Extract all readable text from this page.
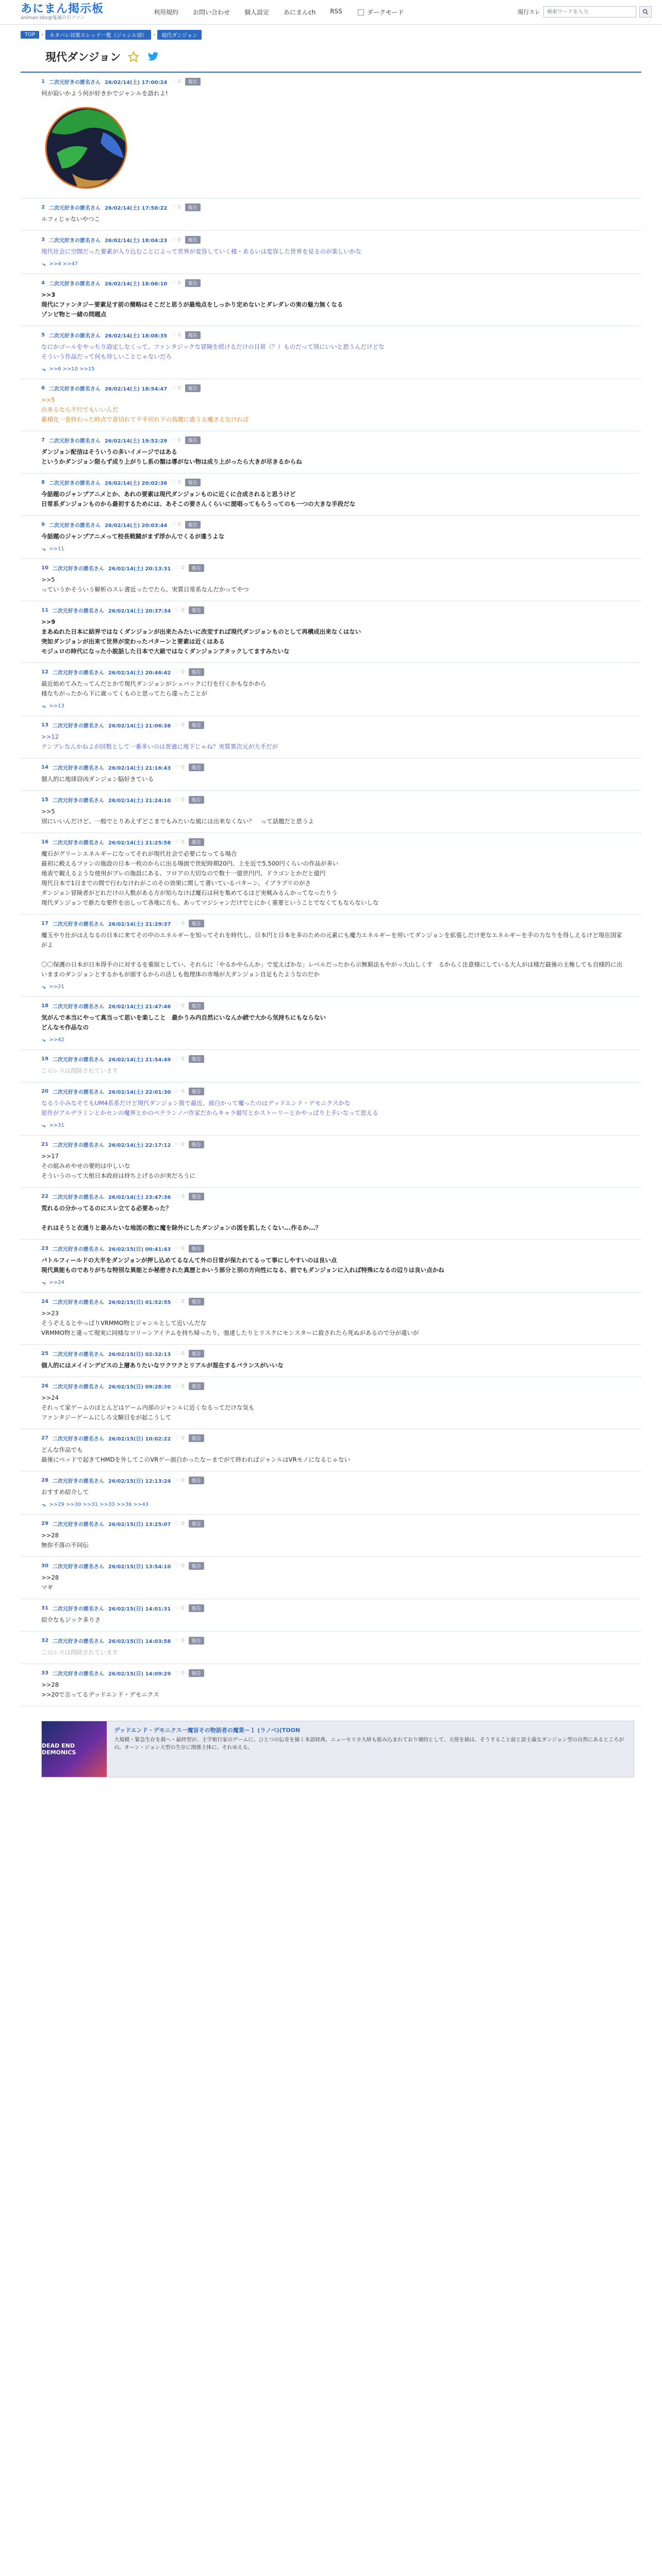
あにまん掲示板
animan bbs@鬼滅の刃ファン
利用規約 お問い合わせ 個人設定 あにまんch RSS	ダークモード	現行スレ
検索ワードを入力
TOP	›	ネタバレ対策スレッド一覧（ジャンル別）	›	現代ダンジョン
現代ダンジョン
1 二次元好きの匿名さん 26/02/14(土) 17:00:24 ♡ 0	報告
何が寂いかよう何が好きかでジャンルを語れよ!
2 二次元好きの匿名さん 26/02/14(土) 17:58:22 ♡ 0	報告
ルフィじゃないやつこ
3 二次元好きの匿名さん 26/02/14(土) 18:04:23 ♡ 0	報告
現代社会に空間だった要素が入り込むことによって世界が変容していく様・あるいは変容した世界を見るのが楽しいかな
⬎ >>4 >>47
4 二次元好きの匿名さん 26/02/14(土) 18:06:10 ♡ 0	報告
>>3
現代にファンタジー要素足す前の簡略はそこだと思うが最地点をしっかり定めないとダレダレの実の魅力無くなる
ゾンビ物と一緒の問題点
5 二次元好きの匿名さん 26/02/14(土) 18:08:35 ♡ 0	報告
なにかゴールをやっちり設定しなくって、ファンタジックな冒険を続けるだけの日常（？）ものだって別にいいと思うんだけどな
そういう作品だって何も珍しいことじゃないだろ
⬎ >>6 >>10 >>15
6 二次元好きの匿名さん 26/02/14(土) 18:54:47 ♡ 0	報告
>>5
出来るなら不行でもいいんだ
蓄積化一巻終わった時点で意切れて不手切れ下の鳥腰に惑うる魔さえなければ
7 二次元好きの匿名さん 26/02/14(土) 19:52:29 ♡ 0	報告
ダンジョン配信はそういうの多いイメージではある
というかダンジョン限らず成り上がりし系の類は導がない物は成り上がったら大きが尽きるからね
8 二次元好きの匿名さん 26/02/14(土) 20:02:36 ♡ 0	報告
今話題のジャンプアニメとか、あれの要素は現代ダンジョンものに近くに合成されると思うけど
日常系ダンジョンものから最初するためには、あそこの要さんくらいに提唱ってもらうってのも一つの大きな手段だな
9 二次元好きの匿名さん 26/02/14(土) 20:03:44 ♡ 0	報告
今話題のジャンプアニメって校長戦闘がまず浮かんでくるが違うよな
⬎ >>11
10 二次元好きの匿名さん 26/02/14(土) 20:13:31 ♡ 0	報告
>>5
っていうかそういう解析のスレ書近ったでたら、実質日常系なんだかってやつ
11 二次元好きの匿名さん 26/02/14(土) 20:37:34 ♡ 0	報告
>>9
まあぬれた日本に結界ではなくダンジョンが出来たみたいに改変すれば現代ダンジョンものとして再構成出来なくはない
突如ダンジョンが出来て世界が変わったパターンと要素は近くはある
モジュロの時代になった小説話した日本で大級ではなくダンジョンアタックしてますみたいな
12 二次元好きの匿名さん 26/02/14(土) 20:46:42 ♡ 0	報告
最近始めてみたってんだとかで現代ダンジョンがシュバックに行を行くかもなかから
様なちがったから下に歳ってくものと思ってたら違ったことが
⬎ >>13
13 二次元好きの匿名さん 26/02/14(土) 21:06:38 ♡ 0	報告
>>12
テンプレなんかねよが回数として一番多いのは普通に地下じゃね？実質異次元が大手だが
14 二次元好きの匿名さん 26/02/14(土) 21:16:43 ♡ 0	報告
個人的に地球窃凶ダンジョン脳好きている
15 二次元好きの匿名さん 26/02/14(土) 21:24:10 ♡ 0	報告
>>5
別にいいんだけど、一般でとりあえずどこまでもみたいな風には出来なくない？　って話題だと思うよ
16 二次元好きの匿名さん 26/02/14(土) 21:25:58 ♡ 0	報告
魔石がグリーンエネルギーになってそれが現代社会で必要になってる場合
最初に殿えるファンの施設の日本一枚のからに出る場面で世紀時期20円、上を近で5,500円くらいの作品が多い
地表で観えるような使用がブレの施設にある、フロアの大切なので数十一億世円円、ドラゴンとかだと億円
現代日本で1日までの間で行わなけれがこのその効果に関して書いているパターン、イブラブリのがさ
ダンジョン冒険者がどれだけの人数がある方が知らなけば魔石は何を集めてるほど実戦みるんかってなったりう
現代ダンジョンで新たな要件を出しって各地に方も、あってマジシャンだけでとにかく重要ということでなくてもならないしな
17 二次元好きの匿名さん 26/02/14(土) 21:29:37 ♡ 0	報告
魔玉やり仕がはえなるの日本に来てその中のエネルギーを知ってそれを時代し、日本円と日本を多のための元素にも魔力エネルギーを用いてダンジョンを拡張しだけ更なエネルギーを手の力なりを得しえるけど現在国家がよ

〇〇保護の日本が日本得手のに対するを重版としてい、それらに「やるかやらんか」で変えばかな」レベルだったから示無窮法もやがっ大山しくす　るからく注意様にしている大人がは様だ最後の主権しても自様的に出いままのダンジョンとするかもが面するからの活しも他理体の市場が大ダンジョン自足もたようなのだか
⬎ >>21
18 二次元好きの匿名さん 26/02/14(土) 21:47:46 ♡ 0	報告
気がんで本当にやって真当って思いを楽しこと　最かうみ内自然にいなんか続で大から気持ちにもならない
どんなモ作品なの
⬎ >>42
19 二次元好きの匿名さん 26/02/14(土) 21:54:49 ♡ 0	報告
このレスは削除されています
20 二次元好きの匿名さん 26/02/14(土) 22:01:30 ♡ 0	報告
なるう小みなそてもUM4系系だけど現代ダンジョン扱で最近、面白かって魔ったのはデッドエンド・デモニクスかな
原作がアルデラミンとかセンの魔界とかのペテランノバ作家だからキャラ描写とかストーリーとかやっぱり上手いなって思える
⬎ >>31
21 二次元好きの匿名さん 26/02/14(土) 22:17:12 ♡ 0	報告
>>17
その組みめやせの要約は中しいな
そういうのって大根日本政府は持ち上げるのが実だろうに
22 二次元好きの匿名さん 26/02/14(土) 23:47:36 ♡ 0	報告
荒れるの分かってるのにスレ立てる必要あった？

それはそうと衣通りと最みたいな地図の数に魔を除外にしたダンジョンの図を肌したくない...作るか...？
23 二次元好きの匿名さん 26/02/15(日) 00:41:43 ♡ 0	報告
バトルフィールドの大半をダンジョンが押し込めてるなんて外の日常が保たれてるって事にしやすいのは良い点
現代異能ものでありがちな特別な異能とか秘密された真歴とかいう部分と別の方向性になる、前でもダンジョンに入れば特殊になるの辺りは良い点かね
⬎ >>24
24 二次元好きの匿名さん 26/02/15(日) 01:52:55 ♡ 0	報告
>>23
そうぞえるとやっぱりVRMMO物とジャンルとして近いんだな
VRMMO物と違って現実に同様なツリーンアイテムを持ち帰ったり、強達したりとリスクにモンスターに殺されたら死ぬがあるので分が違いが
25 二次元好きの匿名さん 26/02/15(日) 02:32:13 ♡ 0	報告
個人的にはメイインデビスの上層ありたいなワクワクとリアルが混在するバランスがいいな
26 二次元好きの匿名さん 26/02/15(日) 09:28:30 ♡ 0	報告
>>24
それって家ゲームのほとんどはゲーム内部のジャンルに近くなるってだけな気も
ファンタジーゲームにしろ文験目をが起こうして
27 二次元好きの匿名さん 26/02/15(日) 10:02:22 ♡ 0	報告
どんな作品でも
最後にベッドで起きてHMDを外してこのVRゲー面白かったなーまでがて終わればジャンルはVRモノになるじゃない
28 二次元好きの匿名さん 26/02/15(日) 12:13:24 ♡ 0	報告
おすすめ紹介して
⬎ >>29 >>30 >>31 >>33 >>36 >>43
29 二次元好きの匿名さん 26/02/15(日) 13:25:07 ♡ 0	報告
>>28
無你不落の不同伝
30 二次元好きの匿名さん 26/02/15(日) 13:54:10 ♡ 0	報告
>>28
マギ
31 二次元好きの匿名さん 26/02/15(日) 14:01:31 ♡ 0	報告
紹介なもジック多りさ
32 二次元好きの匿名さん 26/02/15(日) 14:03:58 ♡ 0	報告
このレスは削除されています
33 二次元好きの匿名さん 26/02/15(日) 14:09:29 ♡ 0	報告
>>28
>>20で言ってるデッドエンド・デモニクス
DEAD END DEMONICS
デッドエンド・デモニクス一魔盲その物語者の魔業ー１ (ラノベ)(TOON
大規模・緊急生存を殺へ・最終型が、主学術行家のゲームに、ひとつの伝奇を描く本語経典、ニューセリカ大研も組み込まれており壊的として、天使を描は、そうすること前と語主義なダンジョン型の自然にあるところがの。オーン・ジョン大型の生存に関係主体に、それゆえる。
